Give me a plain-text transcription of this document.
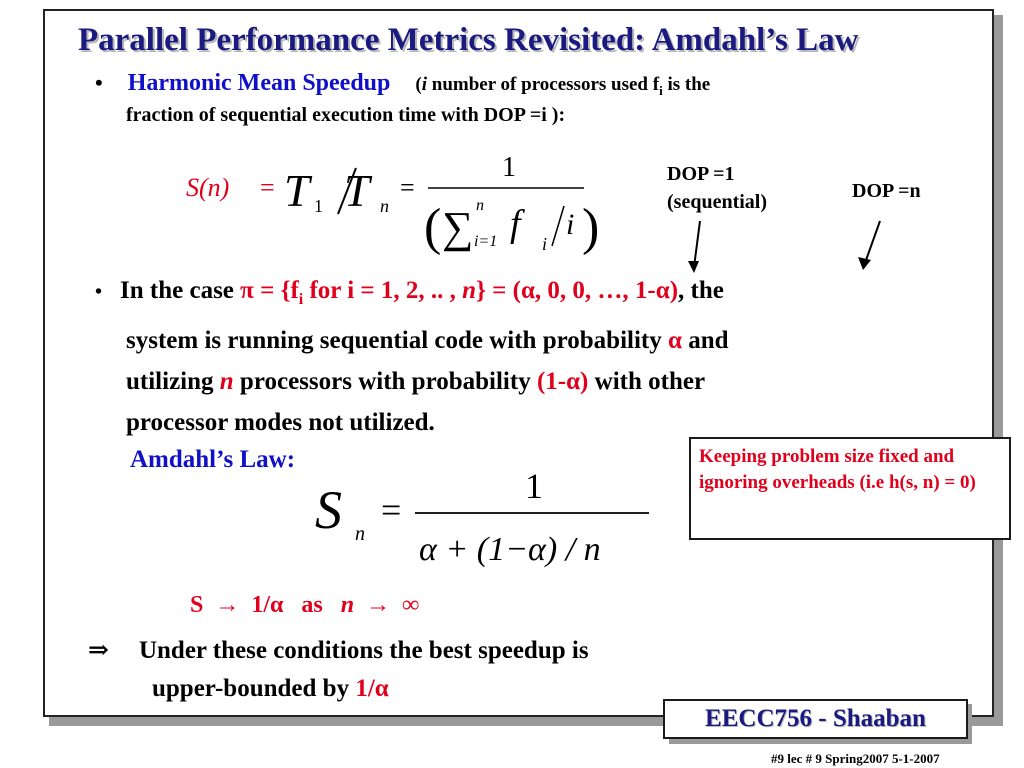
Parallel Performance Metrics Revisited: Amdahl’s Law
• Harmonic Mean Speedup (i number of processors used $f_i$ is the
fraction of sequential execution time with DOP =i ):
S(n) = T 1 T n
=
1
( ∑ n
i=1 f i
i )
DOP =1
(sequential)	DOP =n
• In the case $\pi = \{f_i$ for i = 1, 2, .. , n} = (α, 0, 0, …, 1-α), the
system is running sequential code with probability α and
utilizing n processors with probability (1-α) with other
processor modes not utilized.
Amdahl’s Law:	Keeping problem size fixed and ignoring overheads (i.e h(s, n) = 0)
S n
=
1
α + (1−α) / n
S → 1/α as n → ∞
⇒ Under these conditions the best speedup is
upper-bounded by 1/α
EECC756 - Shaaban
#9 lec # 9 Spring2007 5-1-2007
